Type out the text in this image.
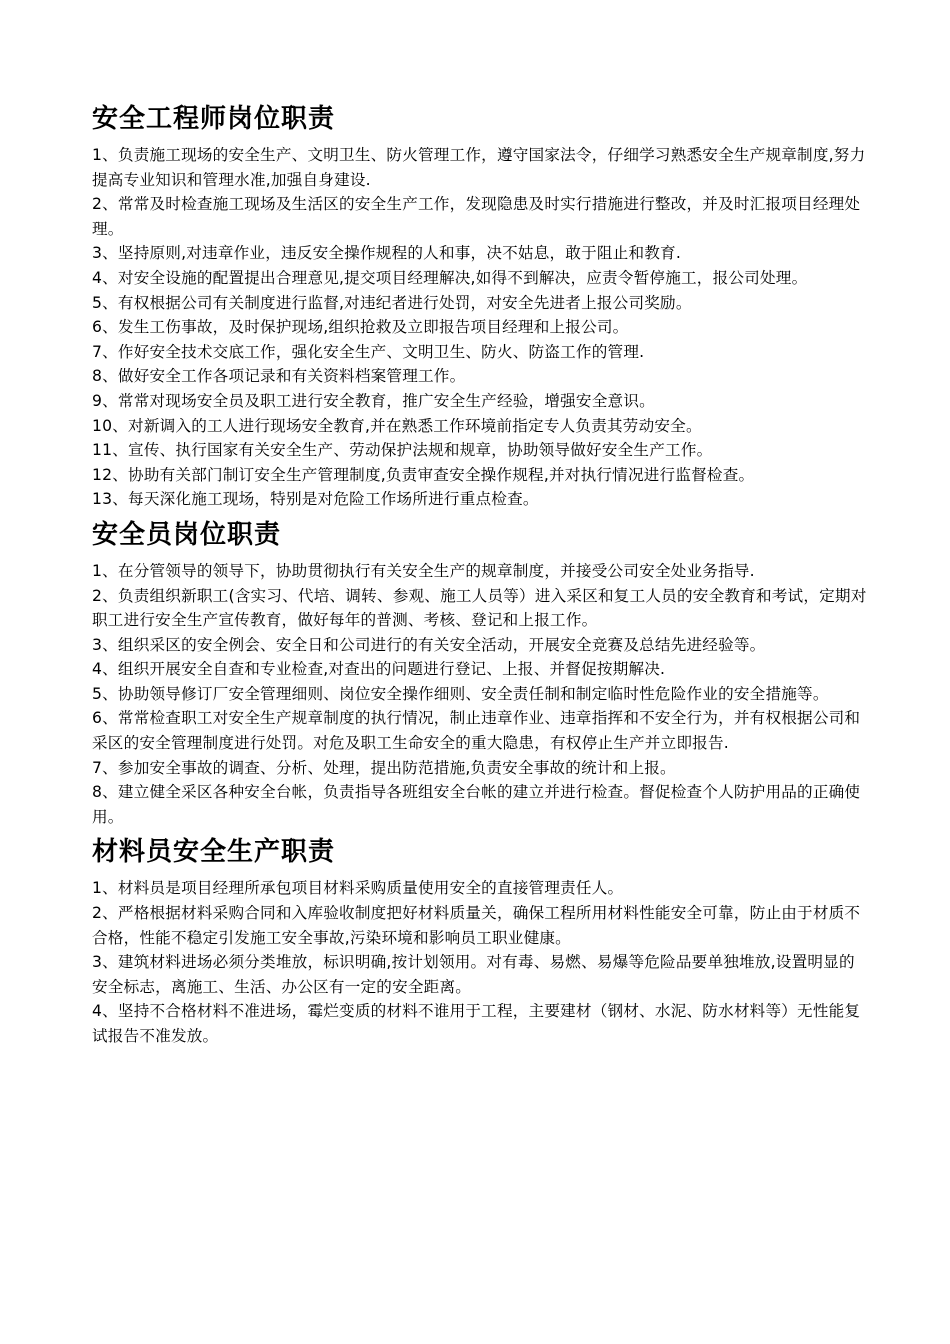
安全工程师岗位职责
1、负责施工现场的安全生产、文明卫生、防火管理工作，遵守国家法令，仔细学习熟悉安全生产规章制度,努力提高专业知识和管理水准,加强自身建设.
2、常常及时检查施工现场及生活区的安全生产工作，发现隐患及时实行措施进行整改，并及时汇报项目经理处理。
3、坚持原则,对违章作业，违反安全操作规程的人和事，决不姑息，敢于阻止和教育.
4、对安全设施的配置提出合理意见,提交项目经理解决,如得不到解决，应责令暂停施工，报公司处理。
5、有权根据公司有关制度进行监督,对违纪者进行处罚，对安全先进者上报公司奖励。
6、发生工伤事故，及时保护现场,组织抢救及立即报告项目经理和上报公司。
7、作好安全技术交底工作，强化安全生产、文明卫生、防火、防盗工作的管理.
8、做好安全工作各项记录和有关资料档案管理工作。
9、常常对现场安全员及职工进行安全教育，推广安全生产经验，增强安全意识。
10、对新调入的工人进行现场安全教育,并在熟悉工作环境前指定专人负责其劳动安全。
11、宣传、执行国家有关安全生产、劳动保护法规和规章，协助领导做好安全生产工作。
12、协助有关部门制订安全生产管理制度,负责审查安全操作规程,并对执行情况进行监督检查。
13、每天深化施工现场，特别是对危险工作场所进行重点检查。
安全员岗位职责
1、在分管领导的领导下，协助贯彻执行有关安全生产的规章制度，并接受公司安全处业务指导.
2、负责组织新职工(含实习、代培、调转、参观、施工人员等）进入采区和复工人员的安全教育和考试，定期对职工进行安全生产宣传教育，做好每年的普测、考核、登记和上报工作。
3、组织采区的安全例会、安全日和公司进行的有关安全活动，开展安全竞赛及总结先进经验等。
4、组织开展安全自查和专业检查,对查出的问题进行登记、上报、并督促按期解决.
5、协助领导修订厂安全管理细则、岗位安全操作细则、安全责任制和制定临时性危险作业的安全措施等。
6、常常检查职工对安全生产规章制度的执行情况，制止违章作业、违章指挥和不安全行为，并有权根据公司和采区的安全管理制度进行处罚。对危及职工生命安全的重大隐患，有权停止生产并立即报告.
7、参加安全事故的调查、分析、处理，提出防范措施,负责安全事故的统计和上报。
8、建立健全采区各种安全台帐，负责指导各班组安全台帐的建立并进行检查。督促检查个人防护用品的正确使用。
材料员安全生产职责
1、材料员是项目经理所承包项目材料采购质量使用安全的直接管理责任人。
2、严格根据材料采购合同和入库验收制度把好材料质量关，确保工程所用材料性能安全可靠，防止由于材质不合格，性能不稳定引发施工安全事故,污染环境和影响员工职业健康。
3、建筑材料进场必须分类堆放，标识明确,按计划领用。对有毒、易燃、易爆等危险品要单独堆放,设置明显的安全标志，离施工、生活、办公区有一定的安全距离。
4、坚持不合格材料不准进场，霉烂变质的材料不谁用于工程，主要建材（钢材、水泥、防水材料等）无性能复试报告不准发放。
